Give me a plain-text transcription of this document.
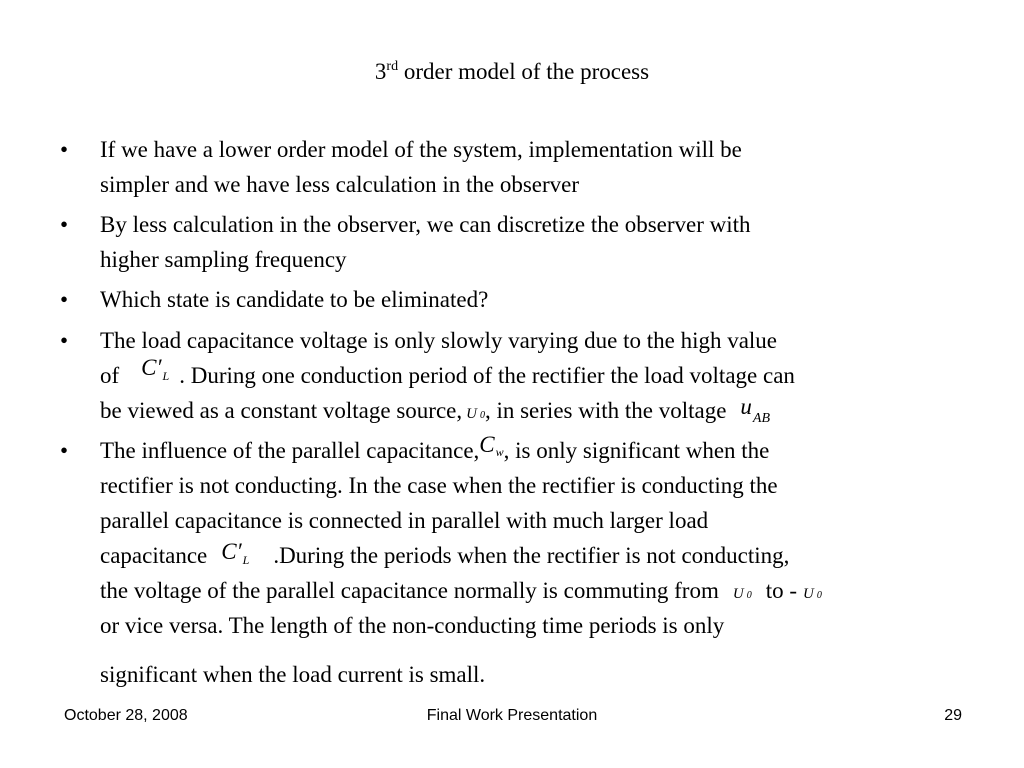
3rd order model of the process
• If we have a lower order model of the system, implementation will be
simpler and we have less calculation in the observer
• By less calculation in the observer, we can discretize the observer with
higher sampling frequency
• Which state is candidate to be eliminated?
• The load capacitance voltage is only slowly varying due to the high value
of $C'_L$ . During one conduction period of the rectifier the load voltage can
be viewed as a constant voltage source, U 0, in series with the voltage $u_{AB}$
• The influence of the parallel capacitance,Cw, is only significant when the
rectifier is not conducting. In the case when the rectifier is conducting the
parallel capacitance is connected in parallel with much larger load
capacitance $C'_L$ .During the periods when the rectifier is not conducting,
the voltage of the parallel capacitance normally is commuting from U 0 to - U 0
or vice versa. The length of the non-conducting time periods is only
significant when the load current is small.
October 28, 2008	Final Work Presentation	29
